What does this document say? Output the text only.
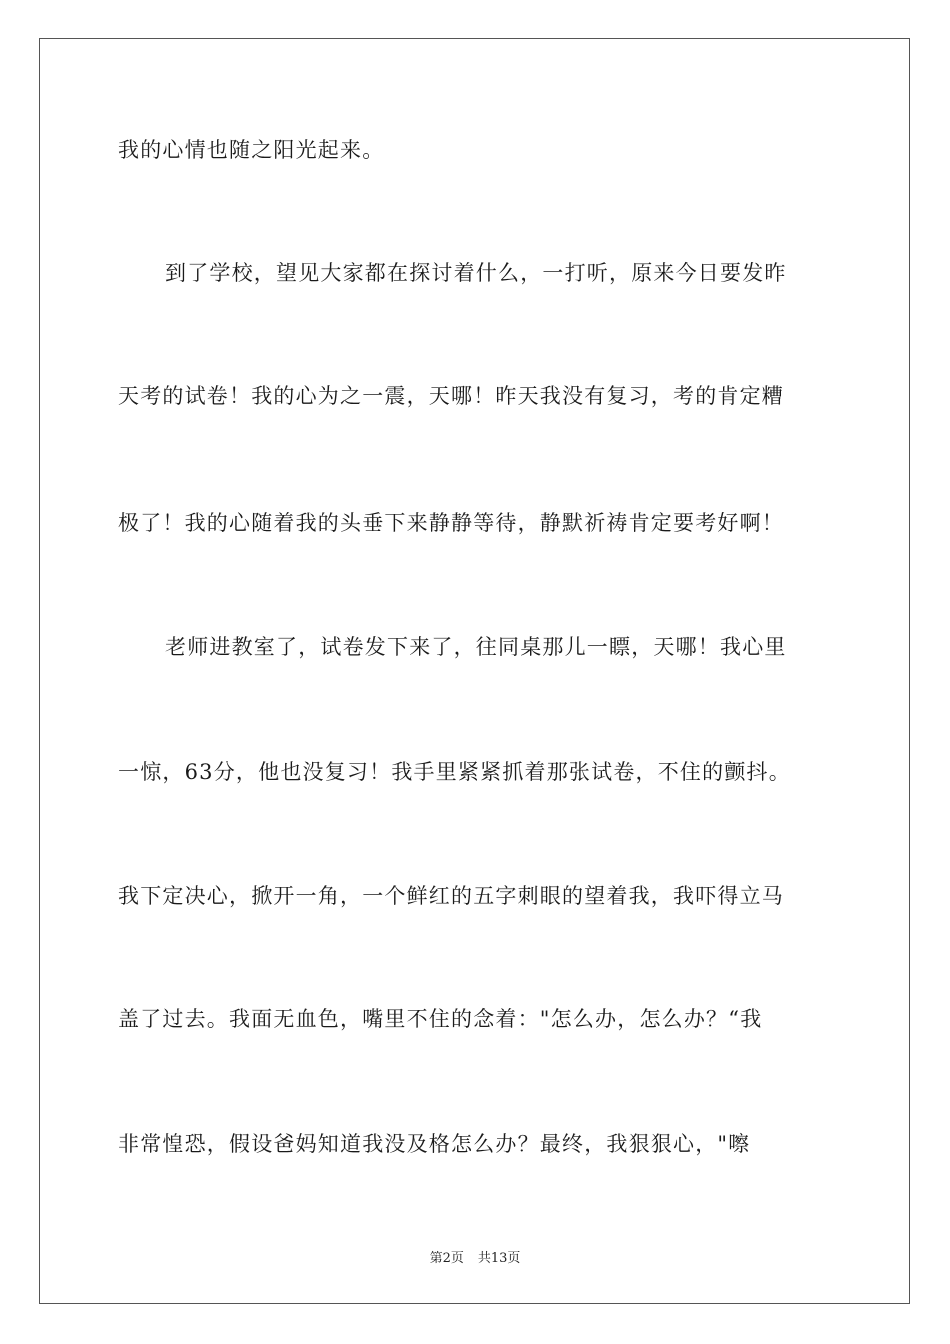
我的心情也随之阳光起来。
到了学校，望见大家都在探讨着什么，一打听，原来今日要发昨
天考的试卷！我的心为之一震，天哪！昨天我没有复习，考的肯定糟
极了！我的心随着我的头垂下来静静等待，静默祈祷肯定要考好啊！
老师进教室了，试卷发下来了，往同桌那儿一瞟，天哪！我心里
一惊，63分，他也没复习！我手里紧紧抓着那张试卷，不住的颤抖。
我下定决心，掀开一角，一个鲜红的五字刺眼的望着我，我吓得立马
盖了过去。我面无血色，嘴里不住的念着："怎么办，怎么办？“我
非常惶恐，假设爸妈知道我没及格怎么办？最终，我狠狠心，"嚓
第2页 共13页
